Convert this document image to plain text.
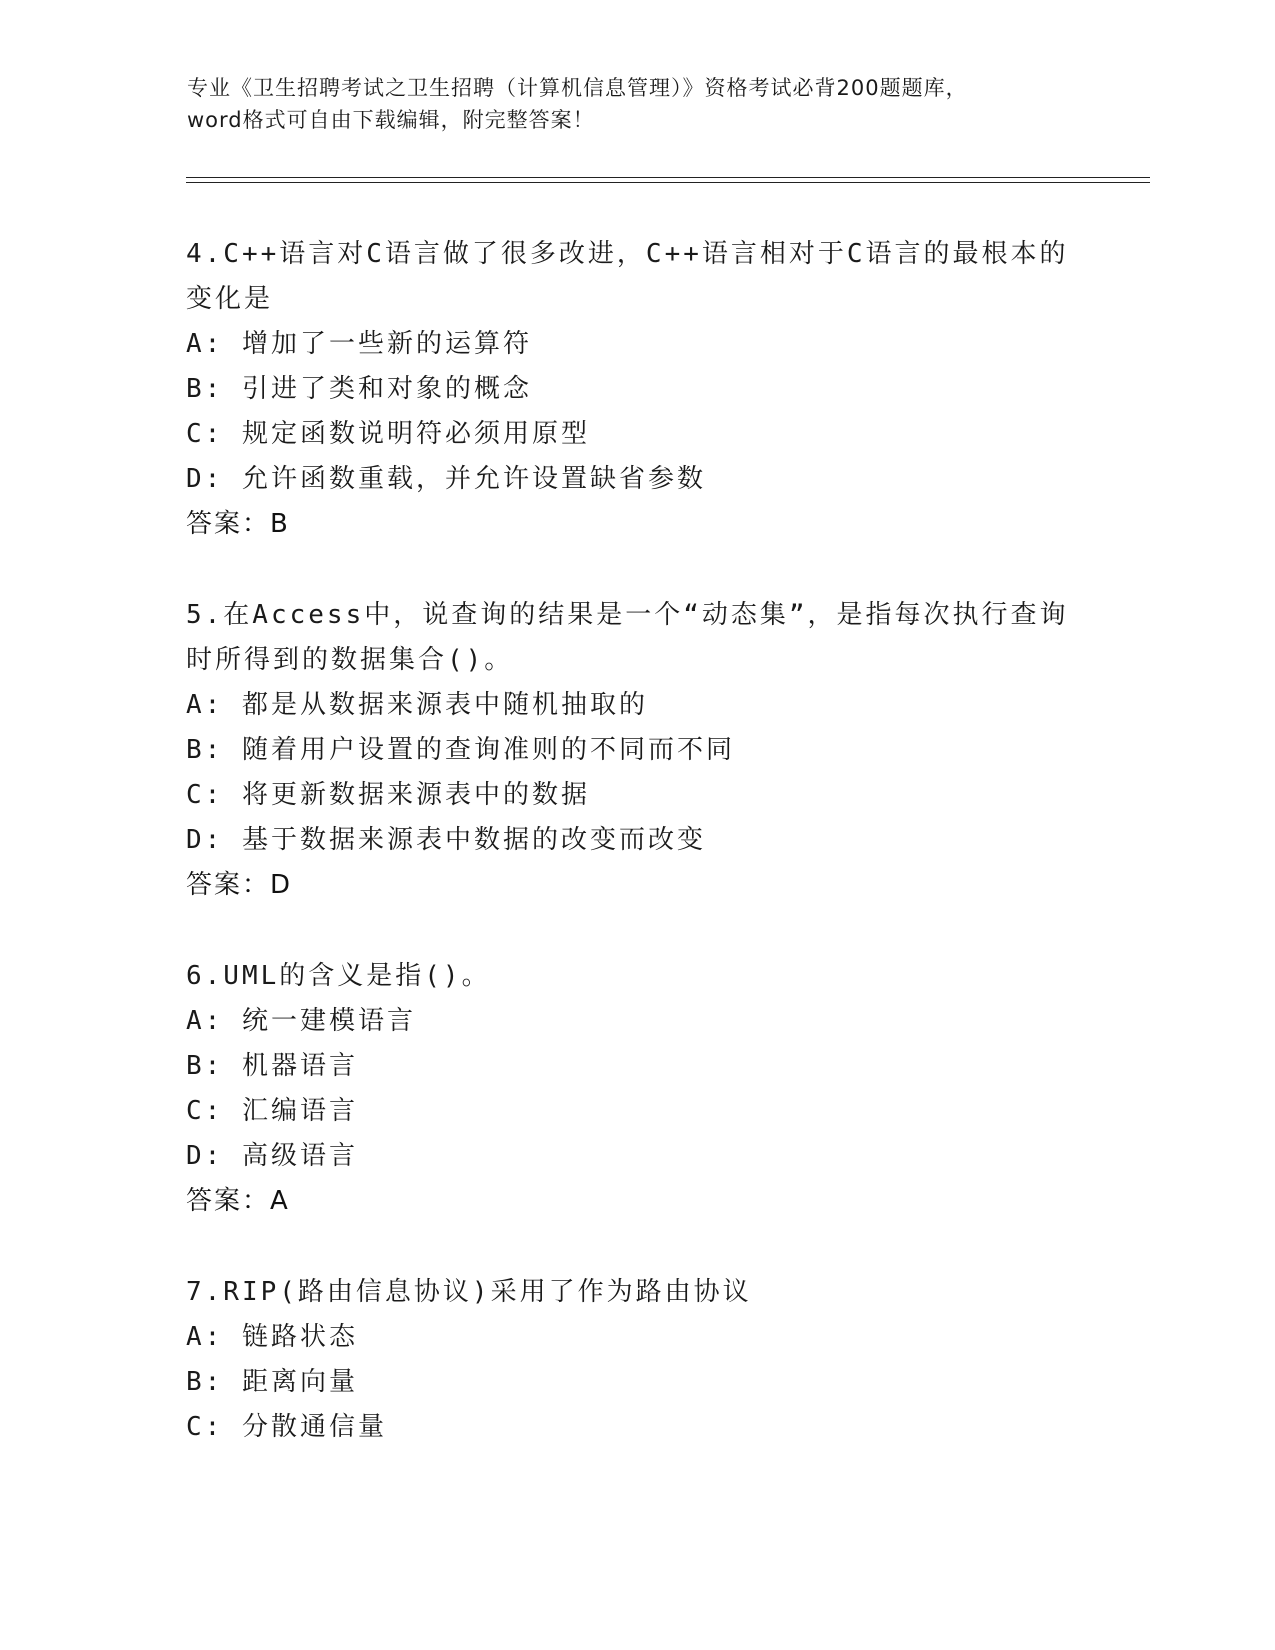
专业《卫生招聘考试之卫生招聘（计算机信息管理）》资格考试必背200题题库，
word格式可自由下载编辑，附完整答案！
4.C++语言对C语言做了很多改进，C++语言相对于C语言的最根本的
变化是
A: 增加了一些新的运算符
B: 引进了类和对象的概念
C: 规定函数说明符必须用原型
D: 允许函数重载，并允许设置缺省参数
答案：B
5.在Access中，说查询的结果是一个“动态集”，是指每次执行查询
时所得到的数据集合()。
A: 都是从数据来源表中随机抽取的
B: 随着用户设置的查询准则的不同而不同
C: 将更新数据来源表中的数据
D: 基于数据来源表中数据的改变而改变
答案：D
6.UML的含义是指()。
A: 统一建模语言
B: 机器语言
C: 汇编语言
D: 高级语言
答案：A
7.RIP(路由信息协议)采用了作为路由协议
A: 链路状态
B: 距离向量
C: 分散通信量
